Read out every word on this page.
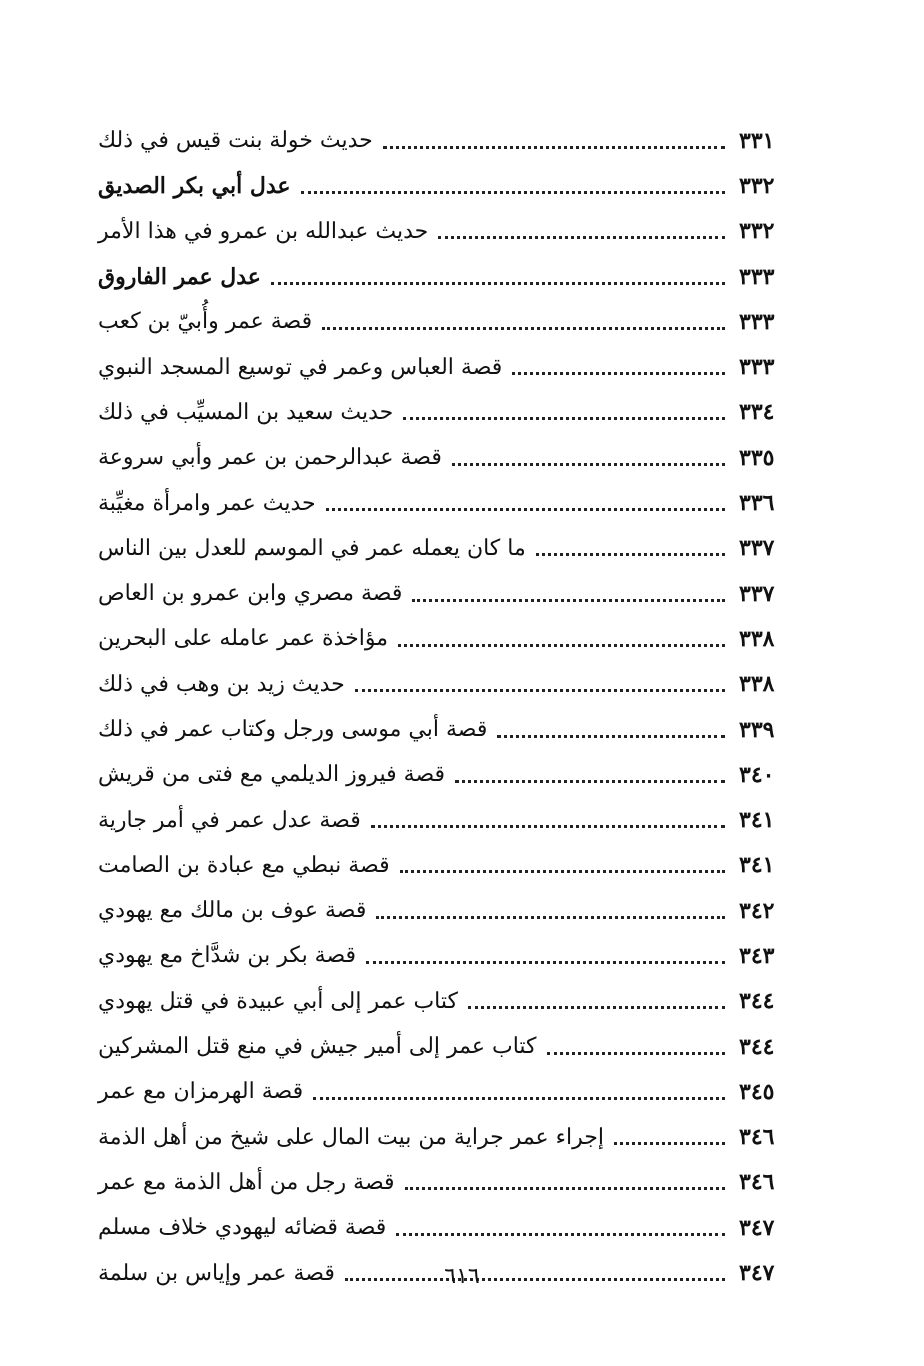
حديث خولة بنت قيس في ذلك	٣٣١
عدل أبي بكر الصديق	٣٣٢
حديث عبدالله بن عمرو في هذا الأمر	٣٣٢
عدل عمر الفاروق	٣٣٣
قصة عمر وأُبيّ بن كعب	٣٣٣
قصة العباس وعمر في توسيع المسجد النبوي	٣٣٣
حديث سعيد بن المسيِّب في ذلك	٣٣٤
قصة عبدالرحمن بن عمر وأبي سروعة	٣٣٥
حديث عمر وامرأة مغيِّبة	٣٣٦
ما كان يعمله عمر في الموسم للعدل بين الناس	٣٣٧
قصة مصري وابن عمرو بن العاص	٣٣٧
مؤاخذة عمر عامله على البحرين	٣٣٨
حديث زيد بن وهب في ذلك	٣٣٨
قصة أبي موسى ورجل وكتاب عمر في ذلك	٣٣٩
قصة فيروز الديلمي مع فتى من قريش	٣٤٠
قصة عدل عمر في أمر جارية	٣٤١
قصة نبطي مع عبادة بن الصامت	٣٤١
قصة عوف بن مالك مع يهودي	٣٤٢
قصة بكر بن شدَّاخ مع يهودي	٣٤٣
كتاب عمر إلى أبي عبيدة في قتل يهودي	٣٤٤
كتاب عمر إلى أمير جيش في منع قتل المشركين	٣٤٤
قصة الهرمزان مع عمر	٣٤٥
إجراء عمر جراية من بيت المال على شيخ من أهل الذمة	٣٤٦
قصة رجل من أهل الذمة مع عمر	٣٤٦
قصة قضائه ليهودي خلاف مسلم	٣٤٧
قصة عمر وإياس بن سلمة	٣٤٧
٦١٦
